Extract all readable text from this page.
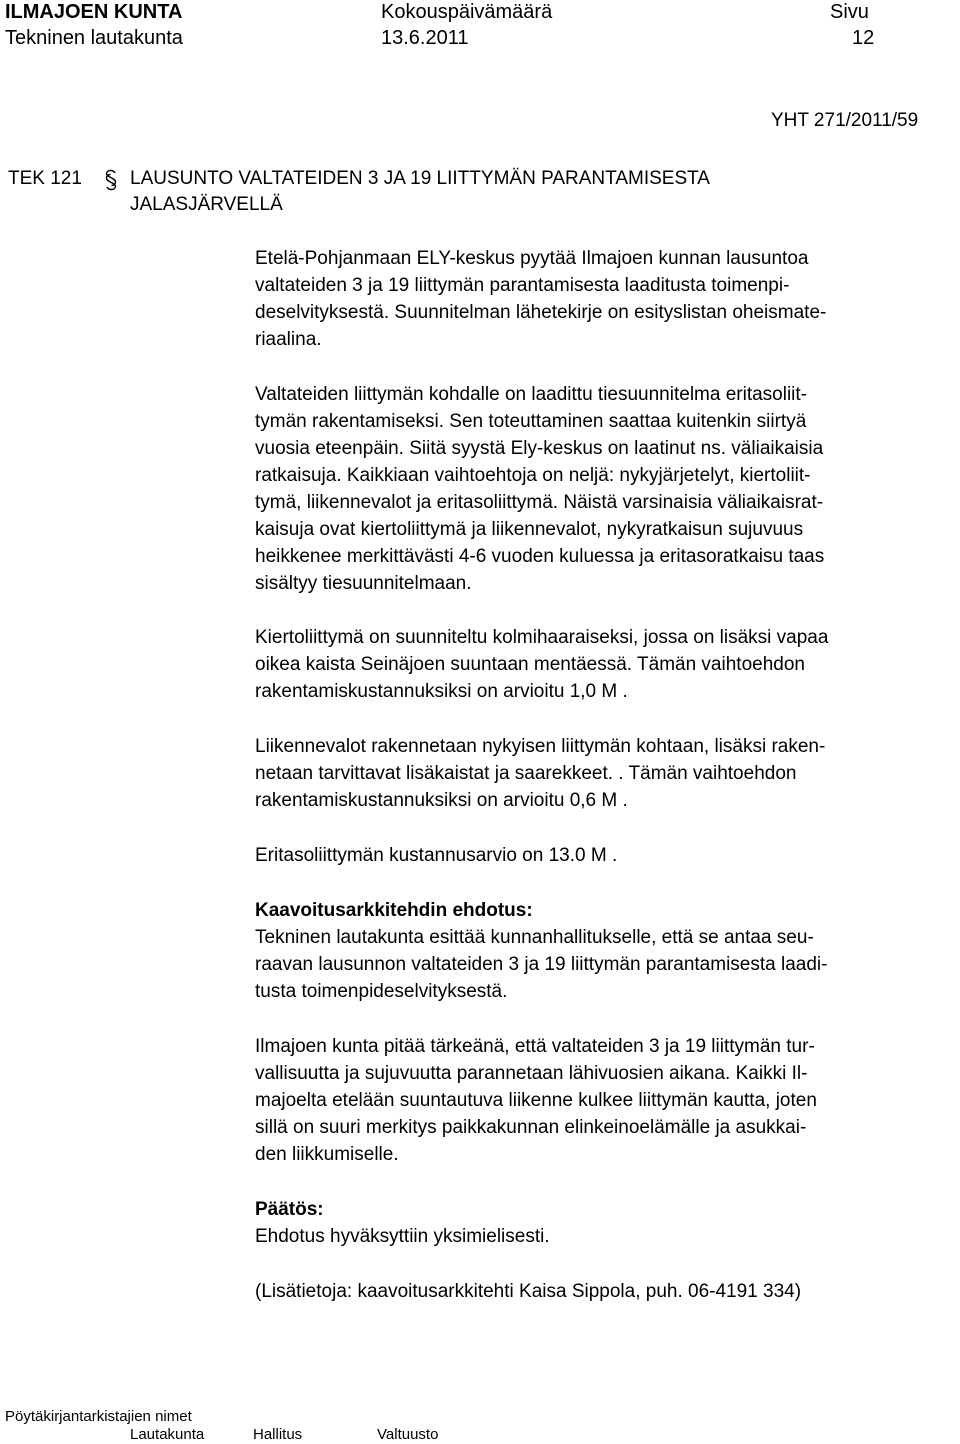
ILMAJOEN KUNTA
Tekninen lautakunta
Kokouspäivämäärä
13.6.2011
Sivu
12
YHT 271/2011/59
TEK 121	LAUSUNTO VALTATEIDEN 3 JA 19 LIITTYMÄN PARANTAMISESTA
JALASJÄRVELLÄ
Etelä-Pohjanmaan ELY-keskus pyytää Ilmajoen kunnan lausuntoa
valtateiden 3 ja 19 liittymän parantamisesta laaditusta toimenpi-
deselvityksestä. Suunnitelman lähetekirje on esityslistan oheismate-
riaalina.
Valtateiden liittymän kohdalle on laadittu tiesuunnitelma eritasoliit-
tymän rakentamiseksi. Sen toteuttaminen saattaa kuitenkin siirtyä
vuosia eteenpäin. Siitä syystä Ely-keskus on laatinut ns. väliaikaisia
ratkaisuja. Kaikkiaan vaihtoehtoja on neljä: nykyjärjetelyt, kiertoliit-
tymä, liikennevalot ja eritasoliittymä. Näistä varsinaisia väliaikaisrat-
kaisuja ovat kiertoliittymä ja liikennevalot, nykyratkaisun sujuvuus
heikkenee merkittävästi 4-6 vuoden kuluessa ja eritasoratkaisu taas
sisältyy tiesuunnitelmaan.
Kiertoliittymä on suunniteltu kolmihaaraiseksi, jossa on lisäksi vapaa
oikea kaista Seinäjoen suuntaan mentäessä. Tämän vaihtoehdon
rakentamiskustannuksiksi on arvioitu 1,0 M .
Liikennevalot rakennetaan nykyisen liittymän kohtaan, lisäksi raken-
netaan tarvittavat lisäkaistat ja saarekkeet. . Tämän vaihtoehdon
rakentamiskustannuksiksi on arvioitu 0,6 M .
Eritasoliittymän kustannusarvio on 13.0 M .
Kaavoitusarkkitehdin ehdotus:
Tekninen lautakunta esittää kunnanhallitukselle, että se antaa seu-
raavan lausunnon valtateiden 3 ja 19 liittymän parantamisesta laadi-
tusta toimenpideselvityksestä.
Ilmajoen kunta pitää tärkeänä, että valtateiden 3 ja 19 liittymän tur-
vallisuutta ja sujuvuutta parannetaan lähivuosien aikana. Kaikki Il-
majoelta etelään suuntautuva liikenne kulkee liittymän kautta, joten
sillä on suuri merkitys paikkakunnan elinkeinoelämälle ja asukkai-
den liikkumiselle.
Päätös:
Ehdotus hyväksyttiin yksimielisesti.
(Lisätietoja: kaavoitusarkkitehti Kaisa Sippola, puh. 06-4191 334)
Pöytäkirjantarkistajien nimet
Lautakunta	Hallitus	Valtuusto
